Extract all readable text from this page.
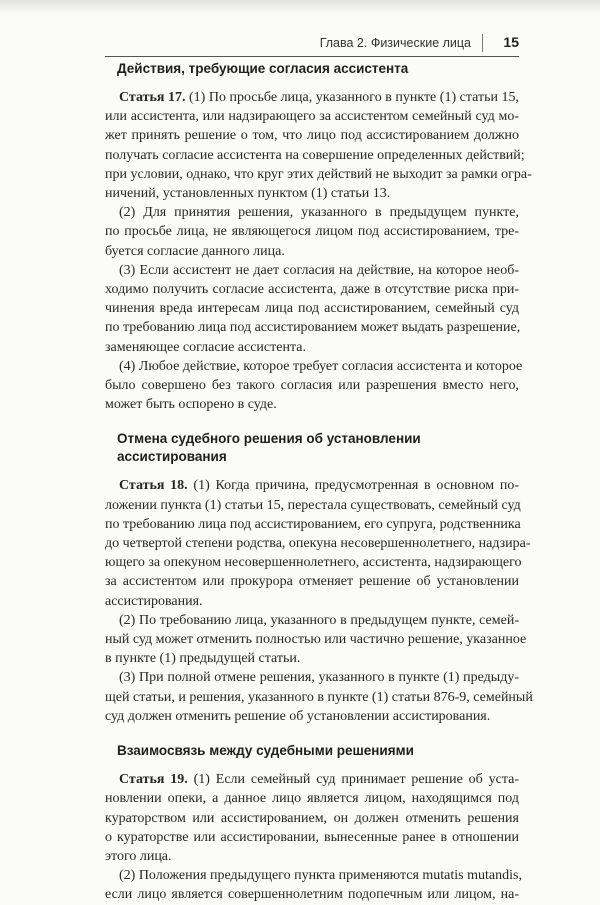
Глава 2. Физические лица 15
Действия, требующие согласия ассистента
Статья 17. (1) По просьбе лица, указанного в пункте (1) статьи 15,
или ассистента, или надзирающего за ассистентом семейный суд мо-
жет принять решение о том, что лицо под ассистированием должно
получать согласие ассистента на совершение определенных действий;
при условии, однако, что круг этих действий не выходит за рамки огра-
ничений, установленных пунктом (1) статьи 13.
(2) Для принятия решения, указанного в предыдущем пункте,
по просьбе лица, не являющегося лицом под ассистированием, тре-
буется согласие данного лица.
(3) Если ассистент не дает согласия на действие, на которое необ-
ходимо получить согласие ассистента, даже в отсутствие риска при-
чинения вреда интересам лица под ассистированием, семейный суд
по требованию лица под ассистированием может выдать разрешение,
заменяющее согласие ассистента.
(4) Любое действие, которое требует согласия ассистента и которое
было совершено без такого согласия или разрешения вместо него,
может быть оспорено в суде.
Отмена судебного решения об установлении
ассистирования
Статья 18. (1) Когда причина, предусмотренная в основном по-
ложении пункта (1) статьи 15, перестала существовать, семейный суд
по требованию лица под ассистированием, его супруга, родственника
до четвертой степени родства, опекуна несовершеннолетнего, надзира-
ющего за опекуном несовершеннолетнего, ассистента, надзирающего
за ассистентом или прокурора отменяет решение об установлении
ассистирования.
(2) По требованию лица, указанного в предыдущем пункте, семей-
ный суд может отменить полностью или частично решение, указанное
в пункте (1) предыдущей статьи.
(3) При полной отмене решения, указанного в пункте (1) предыду-
щей статьи, и решения, указанного в пункте (1) статьи 876-9, семейный
суд должен отменить решение об установлении ассистирования.
Взаимосвязь между судебными решениями
Статья 19. (1) Если семейный суд принимает решение об уста-
новлении опеки, а данное лицо является лицом, находящимся под
кураторством или ассистированием, он должен отменить решения
о кураторстве или ассистировании, вынесенные ранее в отношении
этого лица.
(2) Положения предыдущего пункта применяются mutatis mutandis,
если лицо является совершеннолетним подопечным или лицом, на-
